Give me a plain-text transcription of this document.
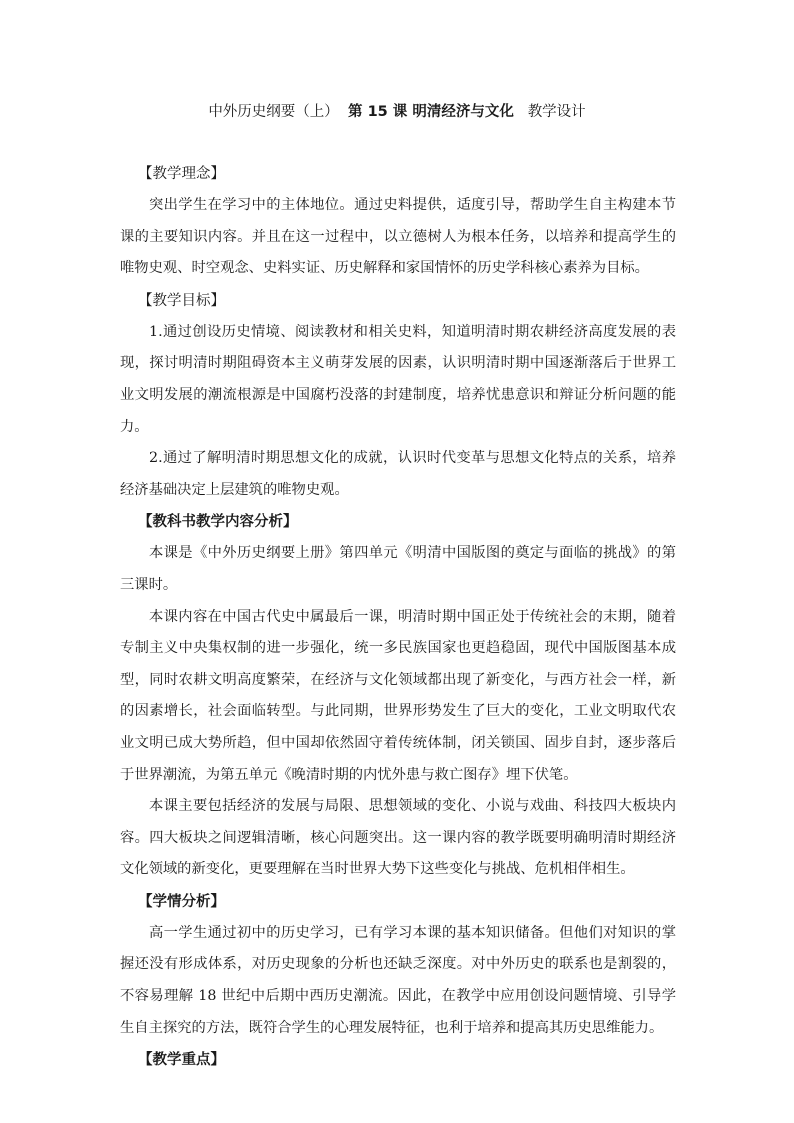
中外历史纲要（上） 第 15 课 明清经济与文化 教学设计

【教学理念】

突出学生在学习中的主体地位。通过史料提供，适度引导，帮助学生自主构建本节课的主要知识内容。并且在这一过程中，以立德树人为根本任务，以培养和提高学生的唯物史观、时空观念、史料实证、历史解释和家国情怀的历史学科核心素养为目标。

【教学目标】

1.通过创设历史情境、阅读教材和相关史料，知道明清时期农耕经济高度发展的表现，探讨明清时期阻碍资本主义萌芽发展的因素，认识明清时期中国逐渐落后于世界工业文明发展的潮流根源是中国腐朽没落的封建制度，培养忧患意识和辩证分析问题的能力。

2.通过了解明清时期思想文化的成就，认识时代变革与思想文化特点的关系，培养经济基础决定上层建筑的唯物史观。

【教科书教学内容分析】

本课是《中外历史纲要上册》第四单元《明清中国版图的奠定与面临的挑战》的第三课时。

本课内容在中国古代史中属最后一课，明清时期中国正处于传统社会的末期，随着专制主义中央集权制的进一步强化，统一多民族国家也更趋稳固，现代中国版图基本成型，同时农耕文明高度繁荣，在经济与文化领域都出现了新变化，与西方社会一样，新的因素增长，社会面临转型。与此同期，世界形势发生了巨大的变化，工业文明取代农业文明已成大势所趋，但中国却依然固守着传统体制，闭关锁国、固步自封，逐步落后于世界潮流，为第五单元《晚清时期的内忧外患与救亡图存》埋下伏笔。

本课主要包括经济的发展与局限、思想领域的变化、小说与戏曲、科技四大板块内容。四大板块之间逻辑清晰，核心问题突出。这一课内容的教学既要明确明清时期经济文化领域的新变化，更要理解在当时世界大势下这些变化与挑战、危机相伴相生。

【学情分析】

高一学生通过初中的历史学习，已有学习本课的基本知识储备。但他们对知识的掌握还没有形成体系，对历史现象的分析也还缺乏深度。对中外历史的联系也是割裂的，不容易理解 18 世纪中后期中西历史潮流。因此，在教学中应用创设问题情境、引导学生自主探究的方法，既符合学生的心理发展特征，也利于培养和提高其历史思维能力。

【教学重点】
